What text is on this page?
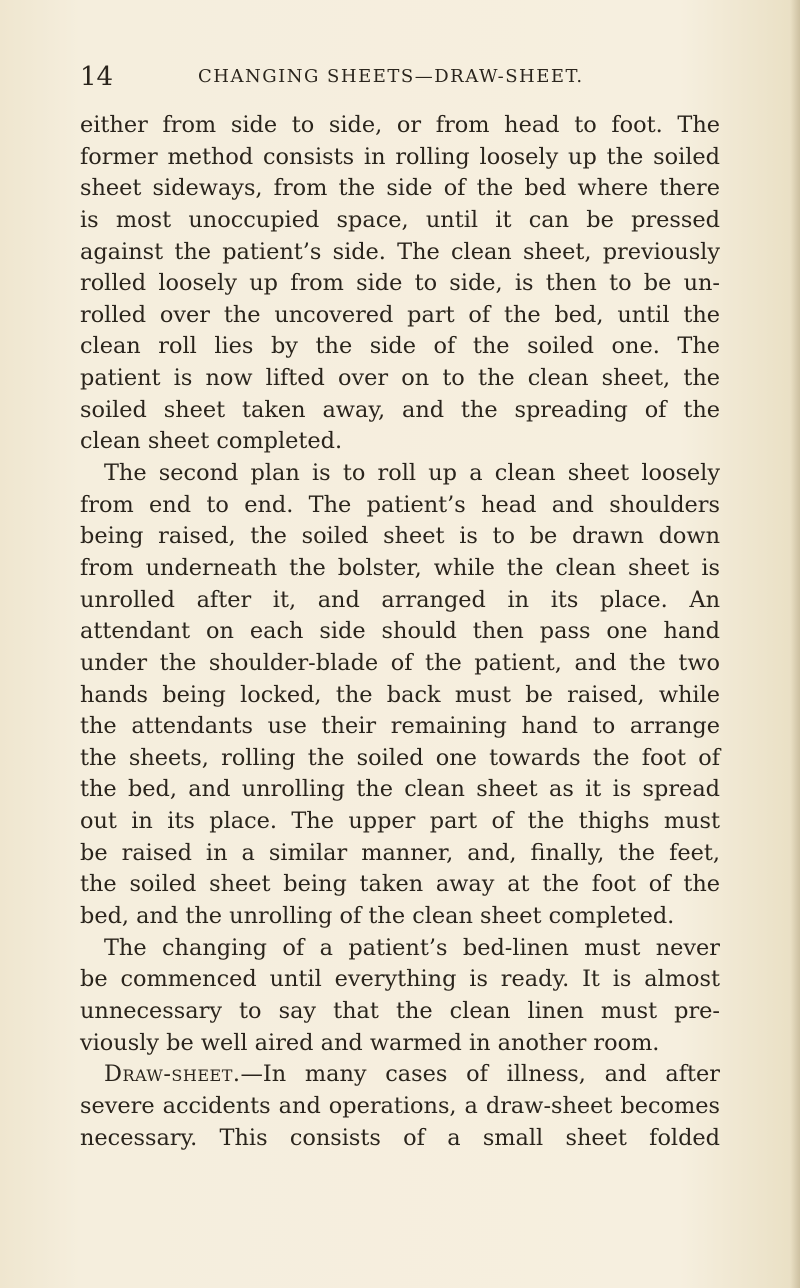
14	CHANGING SHEETS—DRAW-SHEET.
either from side to side, or from head to foot. The
former method consists in rolling loosely up the soiled
sheet sideways, from the side of the bed where there
is most unoccupied space, until it can be pressed
against the patient’s side. The clean sheet, previously
rolled loosely up from side to side, is then to be un-
rolled over the uncovered part of the bed, until the
clean roll lies by the side of the soiled one. The
patient is now lifted over on to the clean sheet, the
soiled sheet taken away, and the spreading of the
clean sheet completed.
The second plan is to roll up a clean sheet loosely
from end to end. The patient’s head and shoulders
being raised, the soiled sheet is to be drawn down
from underneath the bolster, while the clean sheet is
unrolled after it, and arranged in its place. An
attendant on each side should then pass one hand
under the shoulder-blade of the patient, and the two
hands being locked, the back must be raised, while
the attendants use their remaining hand to arrange
the sheets, rolling the soiled one towards the foot of
the bed, and unrolling the clean sheet as it is spread
out in its place. The upper part of the thighs must
be raised in a similar manner, and, finally, the feet,
the soiled sheet being taken away at the foot of the
bed, and the unrolling of the clean sheet completed.
The changing of a patient’s bed-linen must never
be commenced until everything is ready. It is almost
unnecessary to say that the clean linen must pre-
viously be well aired and warmed in another room.
Draw-sheet.—In many cases of illness, and after
severe accidents and operations, a draw-sheet becomes
necessary. This consists of a small sheet folded
